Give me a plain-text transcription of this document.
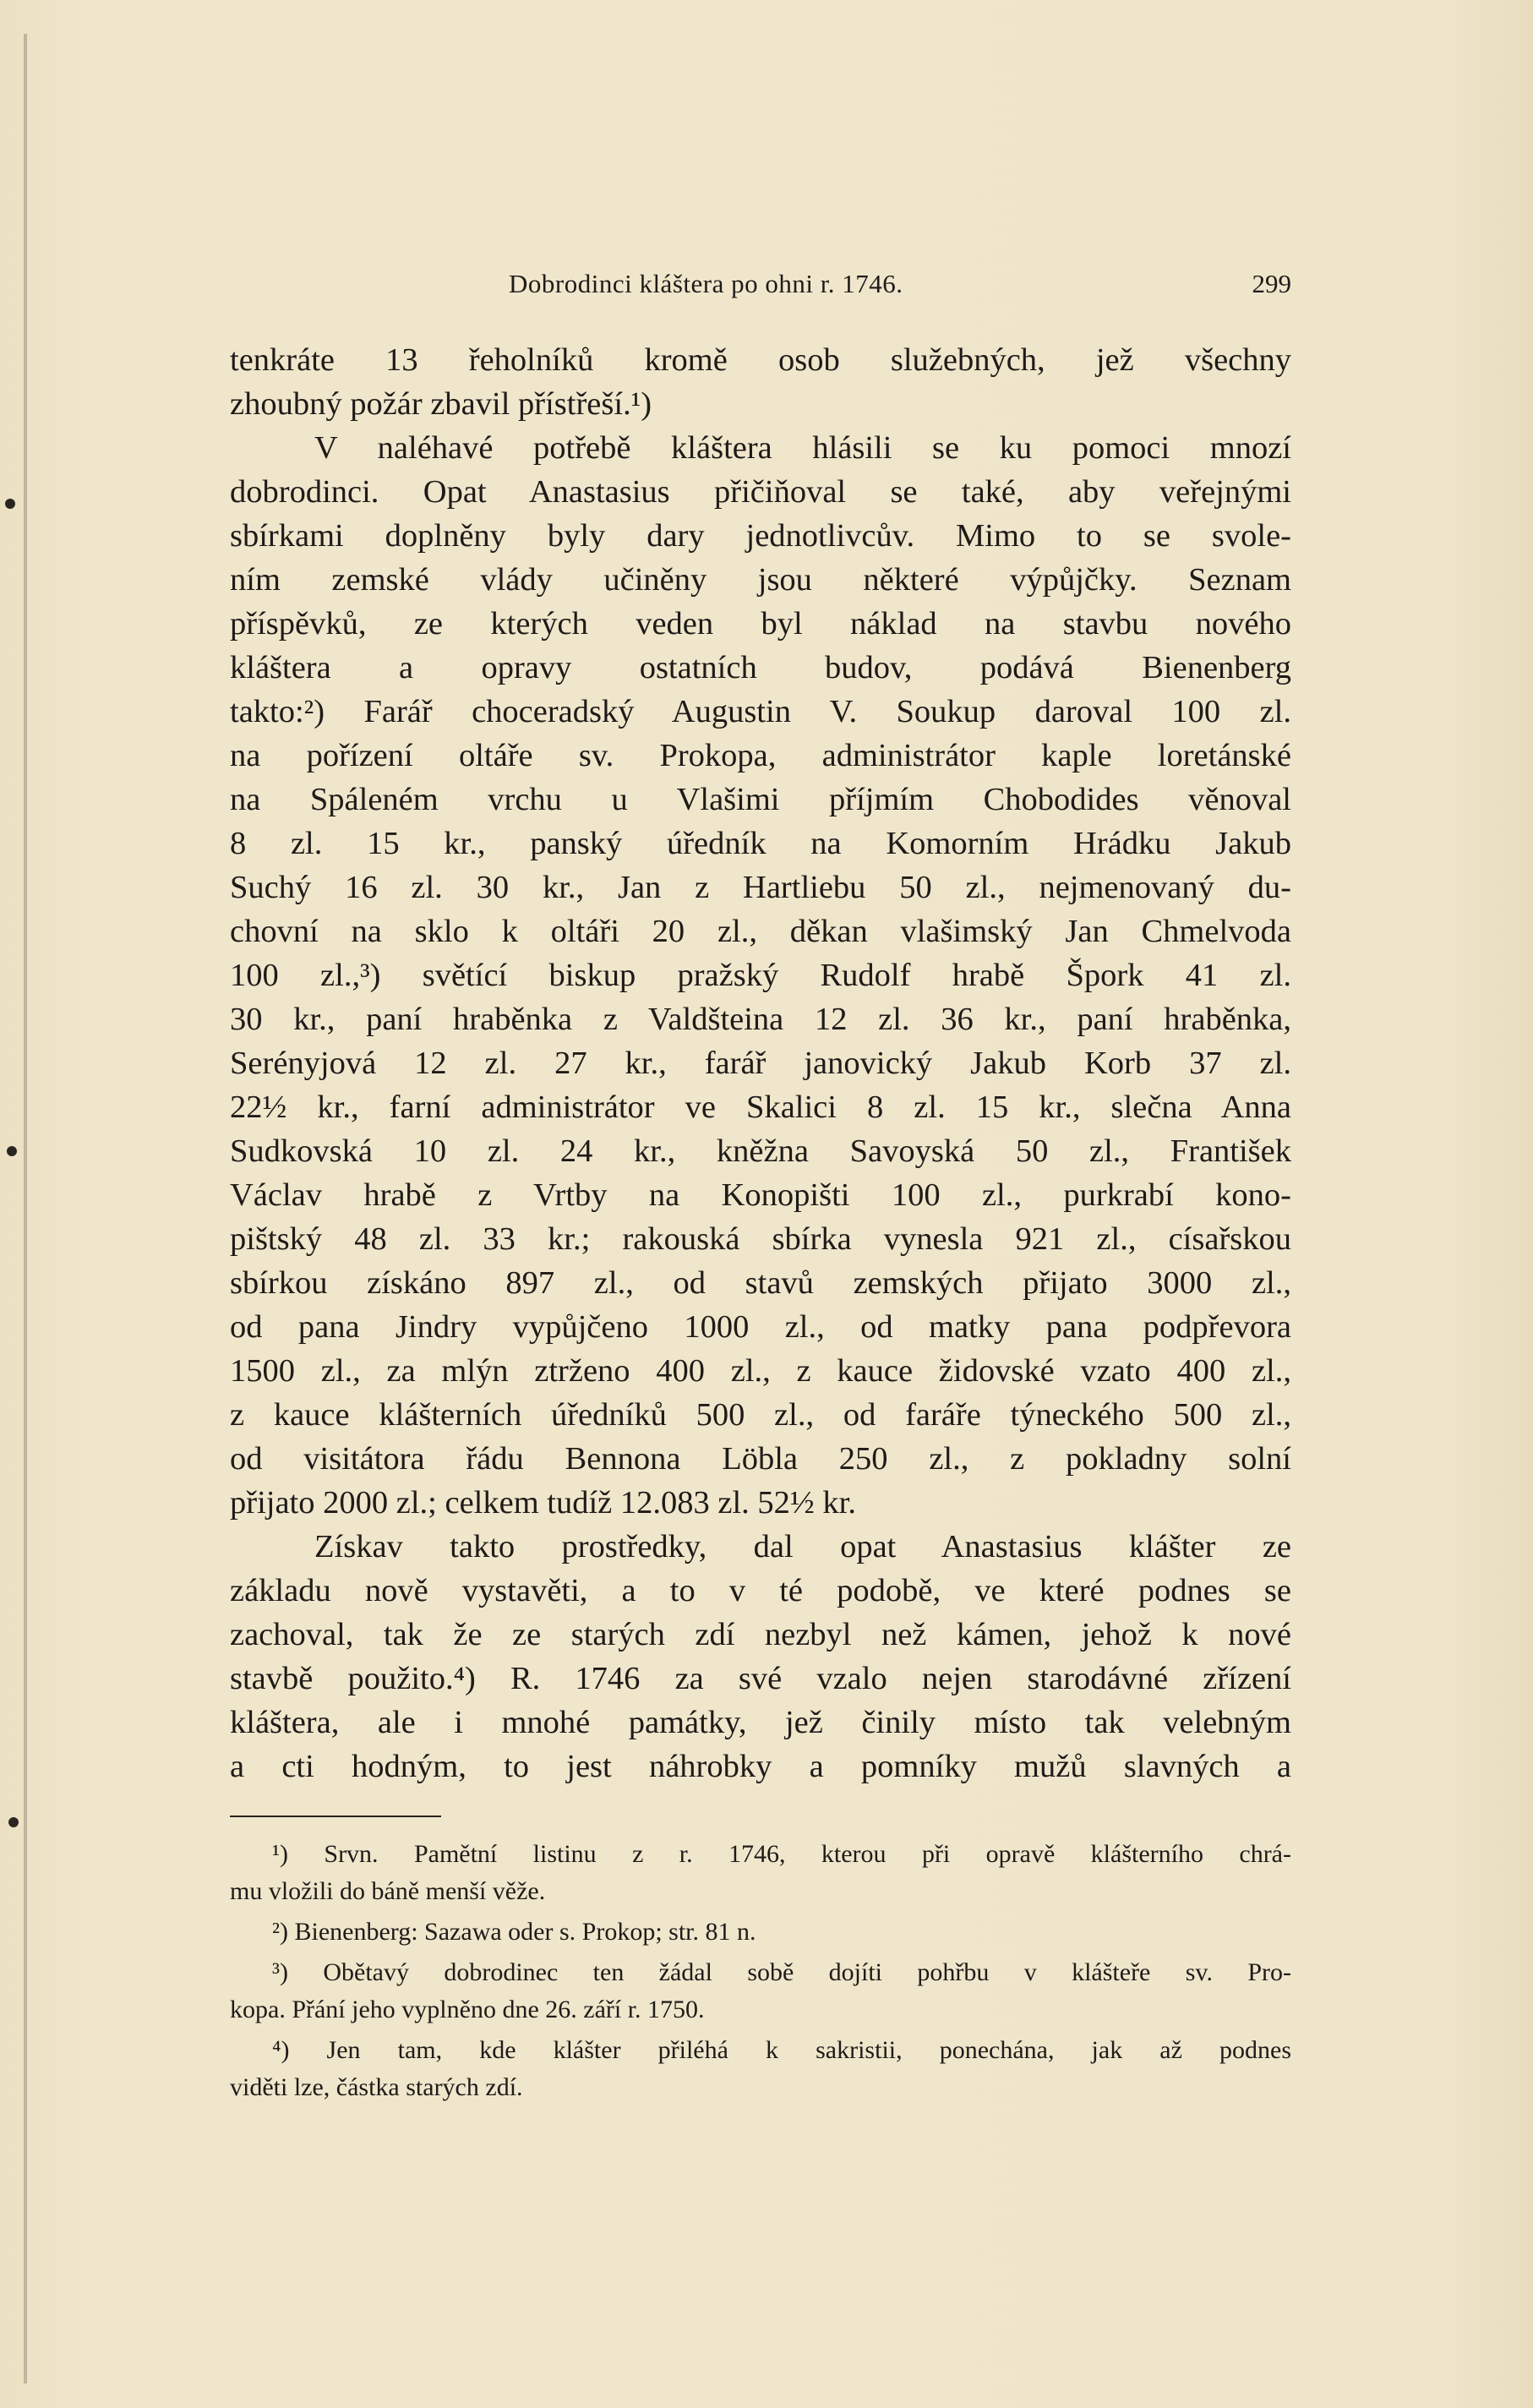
Dobrodinci kláštera po ohni r. 1746.	299
tenkráte 13 řeholníků kromě osob služebných, jež všechny
zhoubný požár zbavil přístřeší.¹)
V naléhavé potřebě kláštera hlásili se ku pomoci mnozí
dobrodinci. Opat Anastasius přičiňoval se také, aby veřejnými
sbírkami doplněny byly dary jednotlivcův. Mimo to se svole-
ním zemské vlády učiněny jsou některé výpůjčky. Seznam
příspěvků, ze kterých veden byl náklad na stavbu nového
kláštera a opravy ostatních budov, podává Bienenberg
takto:²) Farář choceradský Augustin V. Soukup daroval 100 zl.
na pořízení oltáře sv. Prokopa, administrátor kaple loretánské
na Spáleném vrchu u Vlašimi příjmím Chobodides věnoval
8 zl. 15 kr., panský úředník na Komorním Hrádku Jakub
Suchý 16 zl. 30 kr., Jan z Hartliebu 50 zl., nejmenovaný du-
chovní na sklo k oltáři 20 zl., děkan vlašimský Jan Chmelvoda
100 zl.,³) světící biskup pražský Rudolf hrabě Špork 41 zl.
30 kr., paní hraběnka z Valdšteina 12 zl. 36 kr., paní hraběnka,
Serényjová 12 zl. 27 kr., farář janovický Jakub Korb 37 zl.
22½ kr., farní administrátor ve Skalici 8 zl. 15 kr., slečna Anna
Sudkovská 10 zl. 24 kr., kněžna Savoyská 50 zl., František
Václav hrabě z Vrtby na Konopišti 100 zl., purkrabí kono-
pištský 48 zl. 33 kr.; rakouská sbírka vynesla 921 zl., císařskou
sbírkou získáno 897 zl., od stavů zemských přijato 3000 zl.,
od pana Jindry vypůjčeno 1000 zl., od matky pana podpřevora
1500 zl., za mlýn ztrženo 400 zl., z kauce židovské vzato 400 zl.,
z kauce klášterních úředníků 500 zl., od faráře týneckého 500 zl.,
od visitátora řádu Bennona Löbla 250 zl., z pokladny solní
přijato 2000 zl.; celkem tudíž 12.083 zl. 52½ kr.
Získav takto prostředky, dal opat Anastasius klášter ze
základu nově vystavěti, a to v té podobě, ve které podnes se
zachoval, tak že ze starých zdí nezbyl než kámen, jehož k nové
stavbě použito.⁴) R. 1746 za své vzalo nejen starodávné zřízení
kláštera, ale i mnohé památky, jež činily místo tak velebným
a cti hodným, to jest náhrobky a pomníky mužů slavných a
¹) Srvn. Pamětní listinu z r. 1746, kterou při opravě klášterního chrá-
mu vložili do báně menší věže.
²) Bienenberg: Sazawa oder s. Prokop; str. 81 n.
³) Obětavý dobrodinec ten žádal sobě dojíti pohřbu v klášteře sv. Pro-
kopa. Přání jeho vyplněno dne 26. září r. 1750.
⁴) Jen tam, kde klášter přiléhá k sakristii, ponechána, jak až podnes
viděti lze, částka starých zdí.
